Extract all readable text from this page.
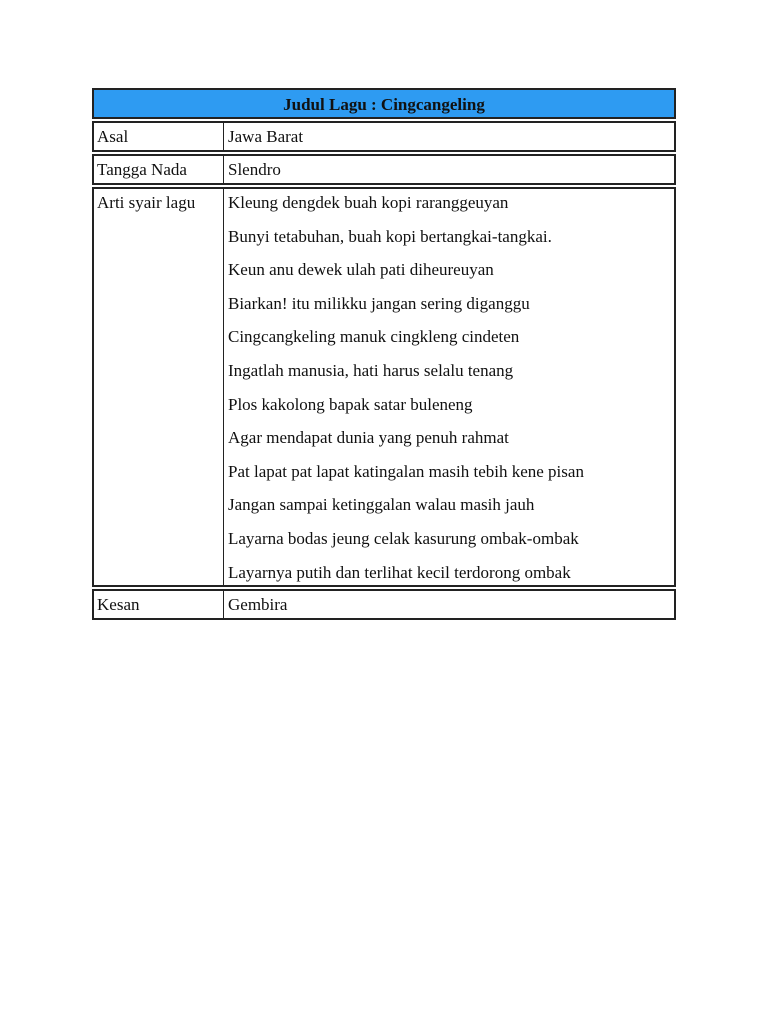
Judul Lagu : Cingcangeling
Asal	Jawa Barat
Tangga Nada	Slendro
Arti syair lagu	Kleung dengdek buah kopi raranggeuyan
Bunyi tetabuhan, buah kopi bertangkai-tangkai.
Keun anu dewek ulah pati diheureuyan
Biarkan! itu milikku jangan sering diganggu
Cingcangkeling manuk cingkleng cindeten
Ingatlah manusia, hati harus selalu tenang
Plos kakolong bapak satar buleneng
Agar mendapat dunia yang penuh rahmat
Pat lapat pat lapat katingalan masih tebih kene pisan
Jangan sampai ketinggalan walau masih jauh
Layarna bodas jeung celak kasurung ombak-ombak
Layarnya putih dan terlihat kecil terdorong ombak
Kesan	Gembira
